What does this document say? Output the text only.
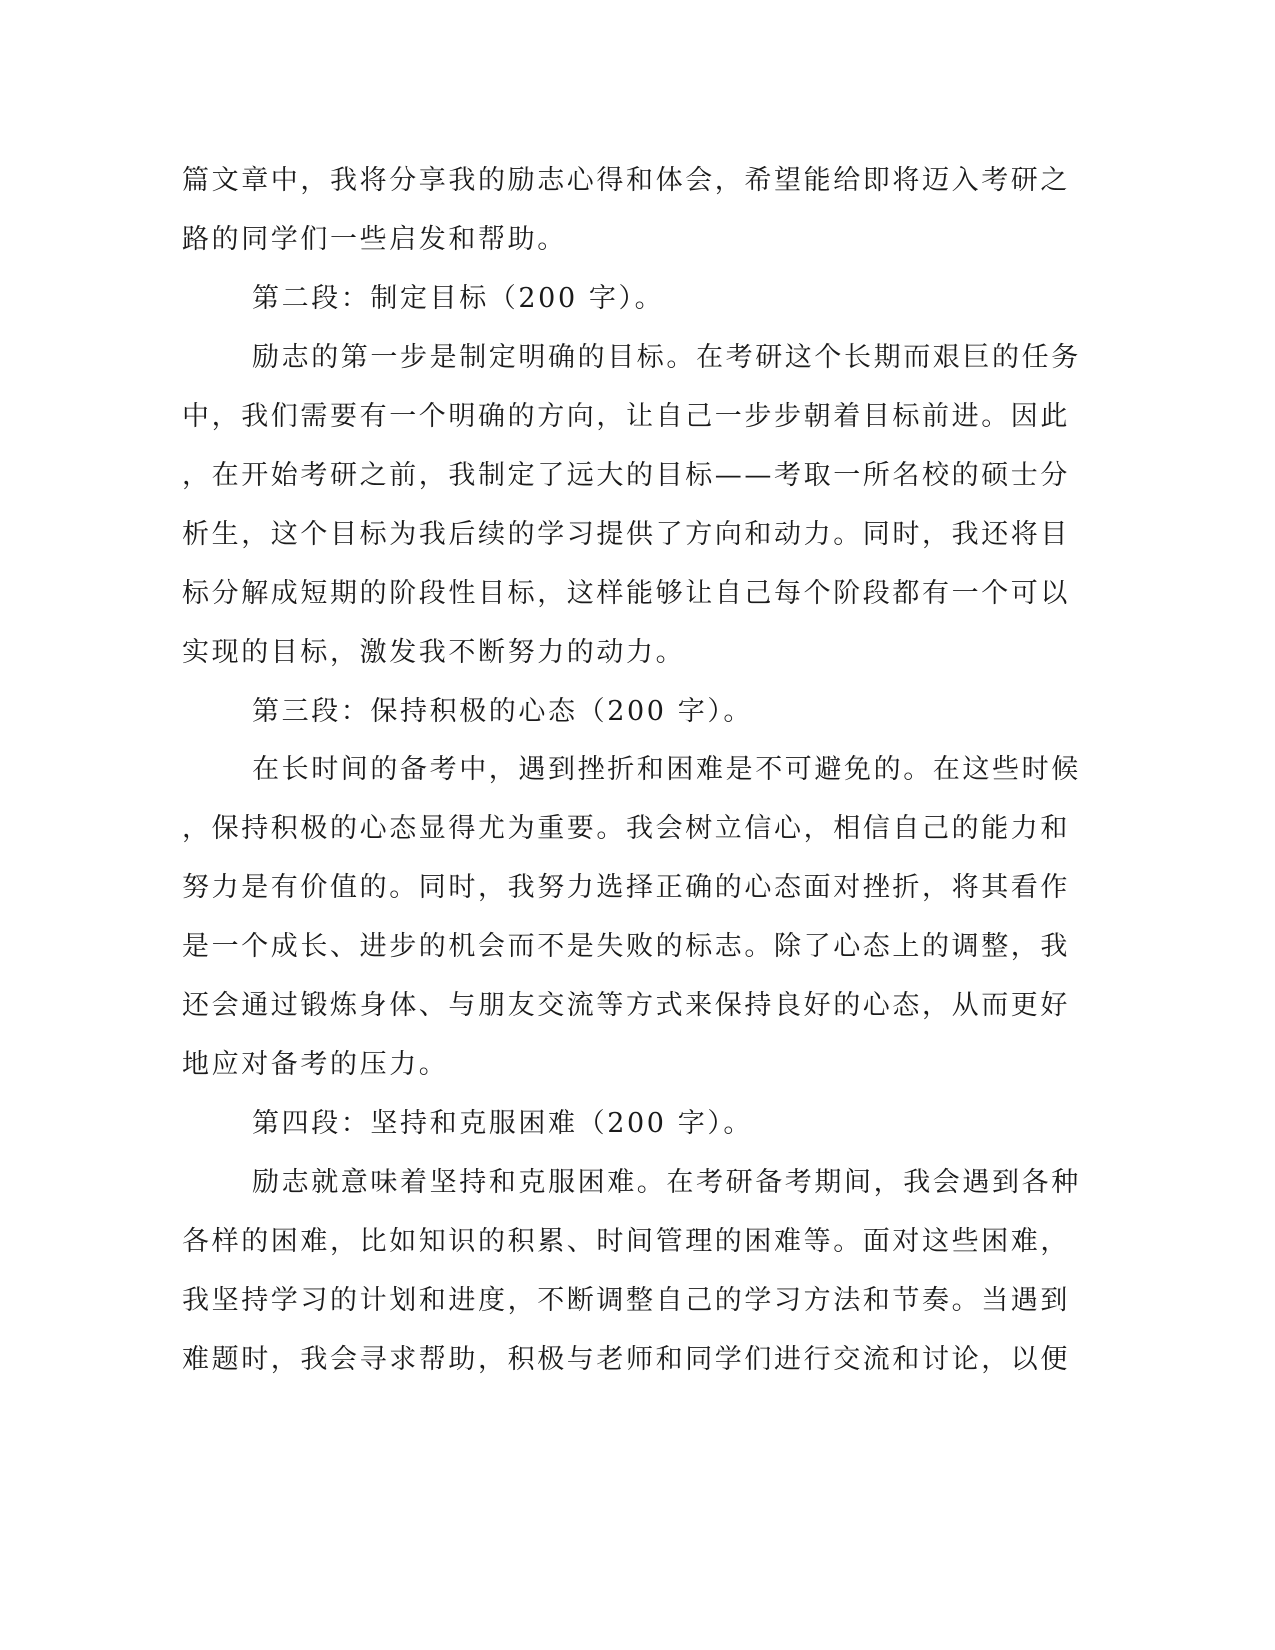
篇文章中，我将分享我的励志心得和体会，希望能给即将迈入考研之
路的同学们一些启发和帮助。
第二段：制定目标（200 字）。
励志的第一步是制定明确的目标。在考研这个长期而艰巨的任务
中，我们需要有一个明确的方向，让自己一步步朝着目标前进。因此
，在开始考研之前，我制定了远大的目标——考取一所名校的硕士分
析生，这个目标为我后续的学习提供了方向和动力。同时，我还将目
标分解成短期的阶段性目标，这样能够让自己每个阶段都有一个可以
实现的目标，激发我不断努力的动力。
第三段：保持积极的心态（200 字）。
在长时间的备考中，遇到挫折和困难是不可避免的。在这些时候
，保持积极的心态显得尤为重要。我会树立信心，相信自己的能力和
努力是有价值的。同时，我努力选择正确的心态面对挫折，将其看作
是一个成长、进步的机会而不是失败的标志。除了心态上的调整，我
还会通过锻炼身体、与朋友交流等方式来保持良好的心态，从而更好
地应对备考的压力。
第四段：坚持和克服困难（200 字）。
励志就意味着坚持和克服困难。在考研备考期间，我会遇到各种
各样的困难，比如知识的积累、时间管理的困难等。面对这些困难，
我坚持学习的计划和进度，不断调整自己的学习方法和节奏。当遇到
难题时，我会寻求帮助，积极与老师和同学们进行交流和讨论，以便
